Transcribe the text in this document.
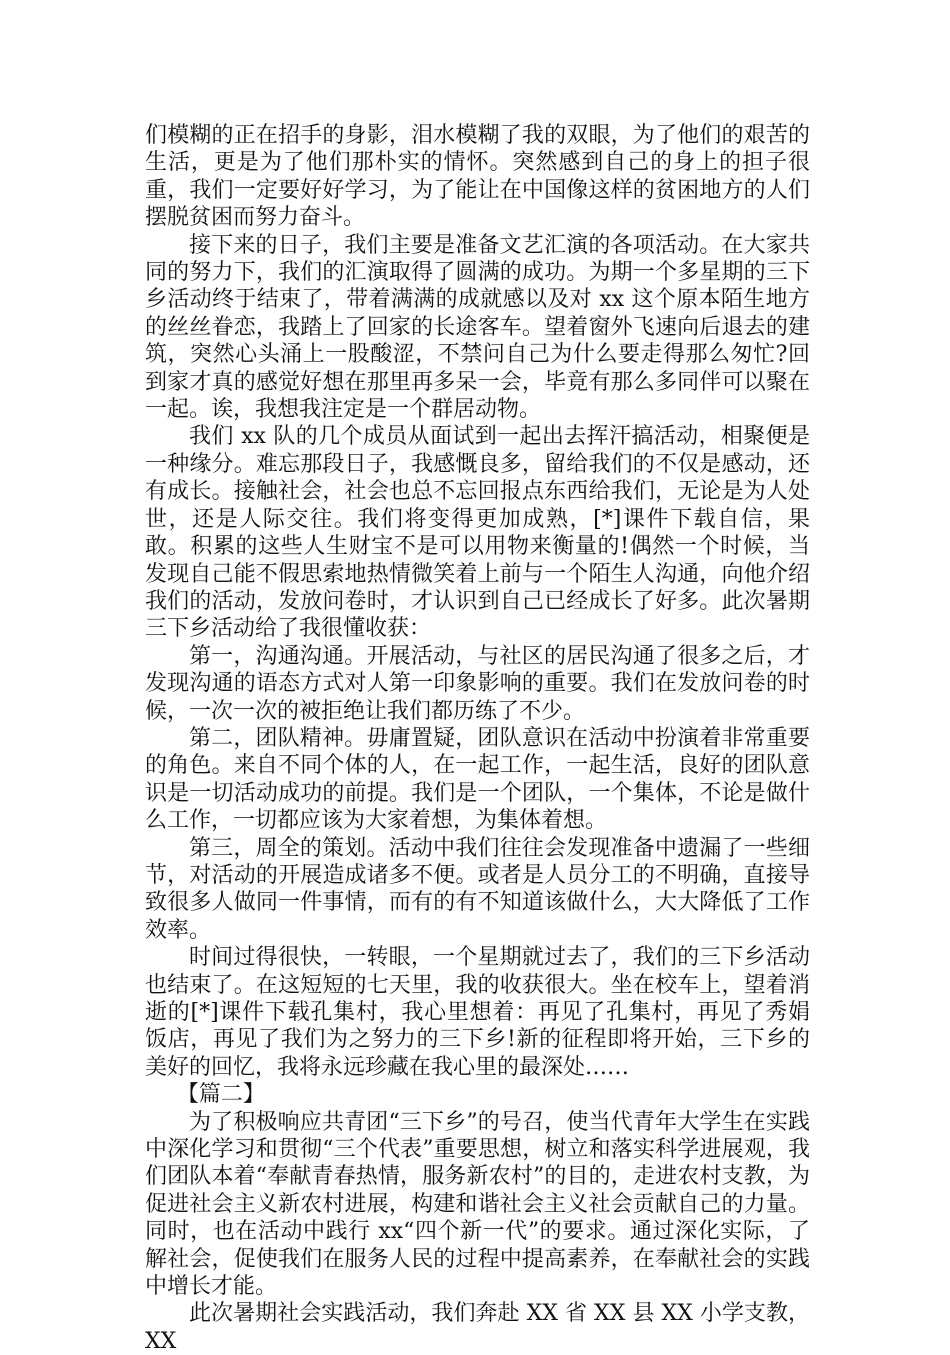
们模糊的正在招手的身影，泪水模糊了我的双眼，为了他们的艰苦的生活，更是为了他们那朴实的情怀。突然感到自己的身上的担子很重，我们一定要好好学习，为了能让在中国像这样的贫困地方的人们摆脱贫困而努力奋斗。

接下来的日子，我们主要是准备文艺汇演的各项活动。在大家共同的努力下，我们的汇演取得了圆满的成功。为期一个多星期的三下乡活动终于结束了，带着满满的成就感以及对 xx 这个原本陌生地方的丝丝眷恋，我踏上了回家的长途客车。望着窗外飞速向后退去的建筑，突然心头涌上一股酸涩，不禁问自己为什么要走得那么匆忙?回到家才真的感觉好想在那里再多呆一会，毕竟有那么多同伴可以聚在一起。诶，我想我注定是一个群居动物。

我们 xx 队的几个成员从面试到一起出去挥汗搞活动，相聚便是一种缘分。难忘那段日子，我感慨良多，留给我们的不仅是感动，还有成长。接触社会，社会也总不忘回报点东西给我们，无论是为人处世，还是人际交往。我们将变得更加成熟，[*]课件下载自信，果敢。积累的这些人生财宝不是可以用物来衡量的!偶然一个时候，当发现自己能不假思索地热情微笑着上前与一个陌生人沟通，向他介绍我们的活动，发放问卷时，才认识到自己已经成长了好多。此次暑期三下乡活动给了我很懂收获：

第一，沟通沟通。开展活动，与社区的居民沟通了很多之后，才发现沟通的语态方式对人第一印象影响的重要。我们在发放问卷的时候，一次一次的被拒绝让我们都历练了不少。

第二，团队精神。毋庸置疑，团队意识在活动中扮演着非常重要的角色。来自不同个体的人，在一起工作，一起生活，良好的团队意识是一切活动成功的前提。我们是一个团队，一个集体，不论是做什么工作，一切都应该为大家着想，为集体着想。

第三，周全的策划。活动中我们往往会发现准备中遗漏了一些细节，对活动的开展造成诸多不便。或者是人员分工的不明确，直接导致很多人做同一件事情，而有的有不知道该做什么，大大降低了工作效率。

时间过得很快，一转眼，一个星期就过去了，我们的三下乡活动也结束了。在这短短的七天里，我的收获很大。坐在校车上，望着消逝的[*]课件下载孔集村，我心里想着：再见了孔集村，再见了秀娟饭店，再见了我们为之努力的三下乡!新的征程即将开始，三下乡的美好的回忆，我将永远珍藏在我心里的最深处……

【篇二】

为了积极响应共青团“三下乡”的号召，使当代青年大学生在实践中深化学习和贯彻“三个代表”重要思想，树立和落实科学进展观，我们团队本着“奉献青春热情，服务新农村”的目的，走进农村支教，为促进社会主义新农村进展，构建和谐社会主义社会贡献自己的力量。同时，也在活动中践行 xx“四个新一代”的要求。通过深化实际，了解社会，促使我们在服务人民的过程中提高素养，在奉献社会的实践中增长才能。

此次暑期社会实践活动，我们奔赴 XX 省 XX 县 XX 小学支教，XX
